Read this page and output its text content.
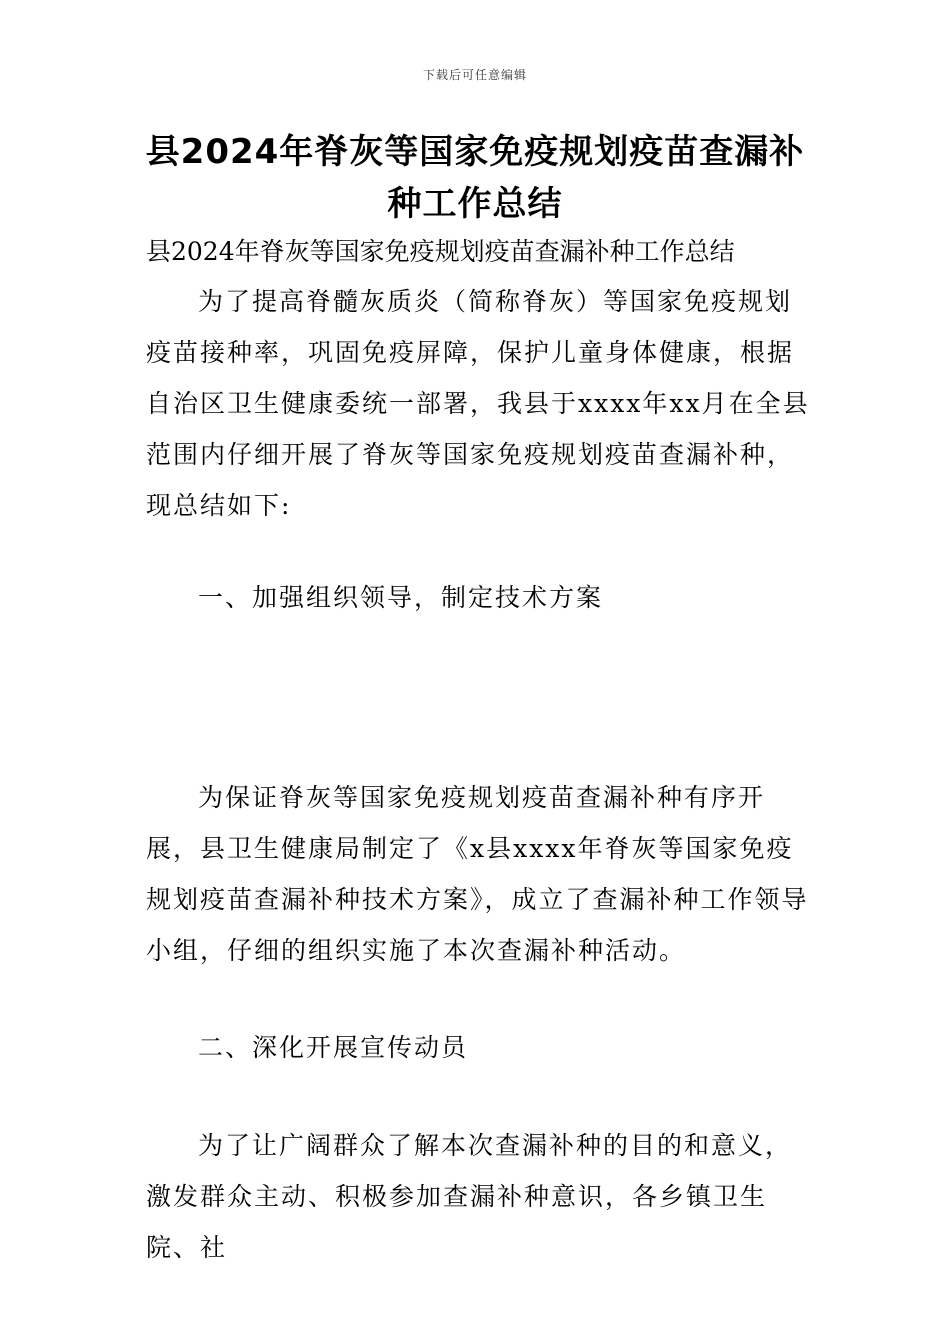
下载后可任意编辑
县2024年脊灰等国家免疫规划疫苗查漏补种工作总结

县2024年脊灰等国家免疫规划疫苗查漏补种工作总结

为了提高脊髓灰质炎（简称脊灰）等国家免疫规划疫苗接种率，巩固免疫屏障，保护儿童身体健康，根据自治区卫生健康委统一部署，我县于xxxx年xx月在全县范围内仔细开展了脊灰等国家免疫规划疫苗查漏补种，现总结如下:

一、加强组织领导，制定技术方案

为保证脊灰等国家免疫规划疫苗查漏补种有序开展，县卫生健康局制定了《x县xxxx年脊灰等国家免疫规划疫苗查漏补种技术方案》，成立了查漏补种工作领导小组，仔细的组织实施了本次查漏补种活动。

二、深化开展宣传动员

为了让广阔群众了解本次查漏补种的目的和意义，激发群众主动、积极参加查漏补种意识，各乡镇卫生院、社
